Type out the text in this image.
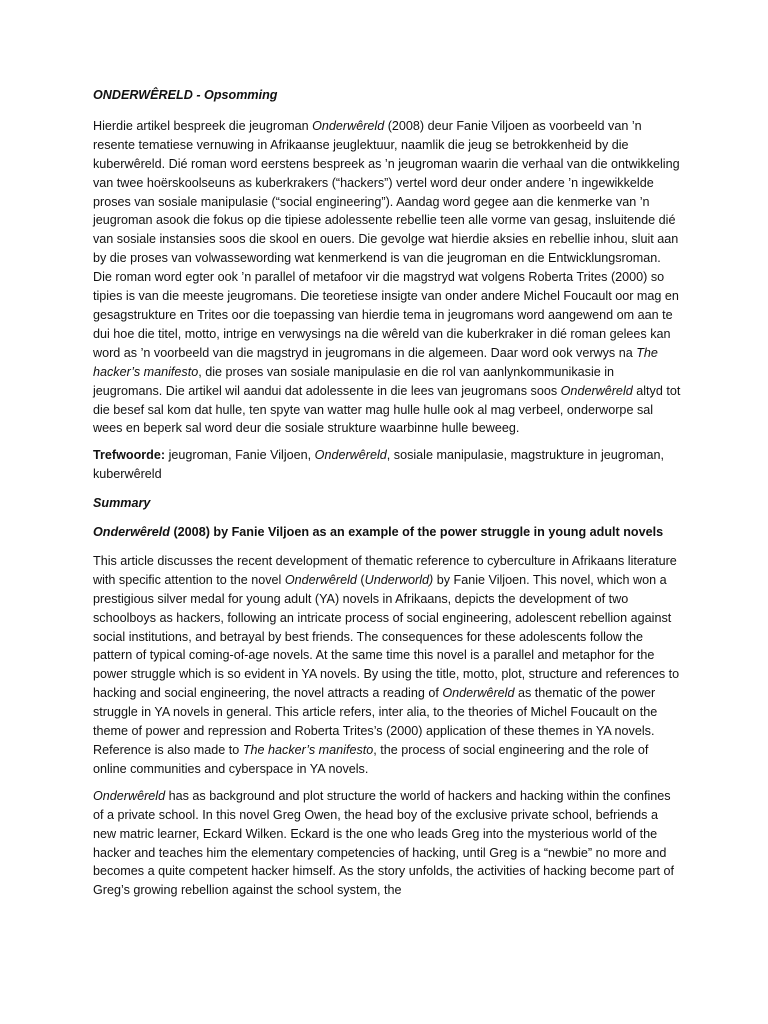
ONDERWÊRELD - Opsomming

Hierdie artikel bespreek die jeugroman Onderwêreld (2008) deur Fanie Viljoen as voorbeeld van ’n resente tematiese vernuwing in Afrikaanse jeuglektuur, naamlik die jeug se betrokkenheid by die kuberwêreld. Dié roman word eerstens bespreek as ’n jeugroman waarin die verhaal van die ontwikkeling van twee hoërskoolseuns as kuberkrakers (“hackers”) vertel word deur onder andere ’n ingewikkelde proses van sosiale manipulasie (“social engineering”). Aandag word gegee aan die kenmerke van ’n jeugroman asook die fokus op die tipiese adolessente rebellie teen alle vorme van gesag, insluitende dié van sosiale instansies soos die skool en ouers. Die gevolge wat hierdie aksies en rebellie inhou, sluit aan by die proses van volwassewording wat kenmerkend is van die jeugroman en die Entwicklungsroman. Die roman word egter ook ’n parallel of metafoor vir die magstryd wat volgens Roberta Trites (2000) so tipies is van die meeste jeugromans. Die teoretiese insigte van onder andere Michel Foucault oor mag en gesagstrukture en Trites oor die toepassing van hierdie tema in jeugromans word aangewend om aan te dui hoe die titel, motto, intrige en verwysings na die wêreld van die kuberkraker in dié roman gelees kan word as ’n voorbeeld van die magstryd in jeugromans in die algemeen. Daar word ook verwys na The hacker’s manifesto, die proses van sosiale manipulasie en die rol van aanlynkommunikasie in jeugromans. Die artikel wil aandui dat adolessente in die lees van jeugromans soos Onderwêreld altyd tot die besef sal kom dat hulle, ten spyte van watter mag hulle hulle ook al mag verbeel, onderworpe sal wees en beperk sal word deur die sosiale strukture waarbinne hulle beweeg.

Trefwoorde: jeugroman, Fanie Viljoen, Onderwêreld, sosiale manipulasie, magstrukture in jeugroman, kuberwêreld

Summary

Onderwêreld (2008) by Fanie Viljoen as an example of the power struggle in young adult novels

This article discusses the recent development of thematic reference to cyberculture in Afrikaans literature with specific attention to the novel Onderwêreld (Underworld) by Fanie Viljoen. This novel, which won a prestigious silver medal for young adult (YA) novels in Afrikaans, depicts the development of two schoolboys as hackers, following an intricate process of social engineering, adolescent rebellion against social institutions, and betrayal by best friends. The consequences for these adolescents follow the pattern of typical coming-of-age novels. At the same time this novel is a parallel and metaphor for the power struggle which is so evident in YA novels. By using the title, motto, plot, structure and references to hacking and social engineering, the novel attracts a reading of Onderwêreld as thematic of the power struggle in YA novels in general. This article refers, inter alia, to the theories of Michel Foucault on the theme of power and repression and Roberta Trites’s (2000) application of these themes in YA novels. Reference is also made to The hacker’s manifesto, the process of social engineering and the role of online communities and cyberspace in YA novels.

Onderwêreld has as background and plot structure the world of hackers and hacking within the confines of a private school. In this novel Greg Owen, the head boy of the exclusive private school, befriends a new matric learner, Eckard Wilken. Eckard is the one who leads Greg into the mysterious world of the hacker and teaches him the elementary competencies of hacking, until Greg is a “newbie” no more and becomes a quite competent hacker himself. As the story unfolds, the activities of hacking become part of Greg’s growing rebellion against the school system, the
